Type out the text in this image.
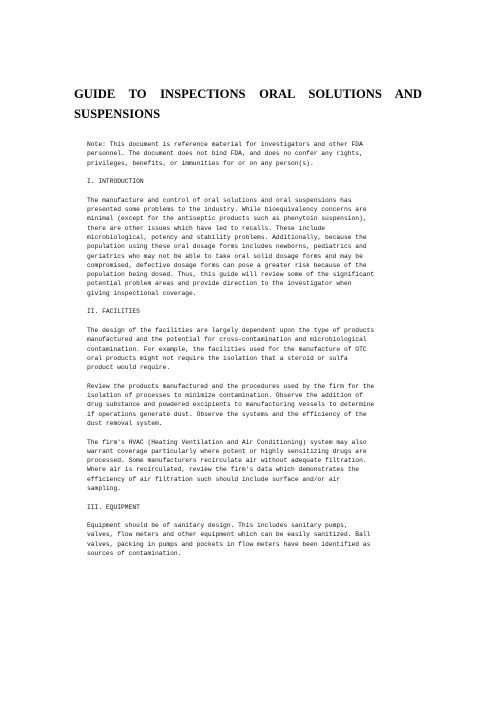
GUIDE TO INSPECTIONS ORAL SOLUTIONS AND
SUSPENSIONS
Note: This document is reference material for investigators and other FDA
personnel. The document does not bind FDA, and does no confer any rights,
privileges, benefits, or immunities for or on any person(s).
I. INTRODUCTION
The manufacture and control of oral solutions and oral suspensions has
presented some problems to the industry. While bioequivalency concerns are
minimal (except for the antiseptic products such as phenytoin suspension),
there are other issues which have led to recalls. These include
microbiological, potency and stability problems. Additionally, because the
population using these oral dosage forms includes newborns, pediatrics and
geriatrics who may not be able to take oral solid dosage forms and may be
compromised, defective dosage forms can pose a greater risk because of the
population being dosed. Thus, this guide will review some of the significant
potential problem areas and provide direction to the investigator when
giving inspectional coverage.
II. FACILITIES
The design of the facilities are largely dependent upon the type of products
manufactured and the potential for cross-contamination and microbiological
contamination. For example, the facilities used for the manufacture of OTC
oral products might not require the isolation that a steroid or sulfa
product would require.
Review the products manufactured and the procedures used by the firm for the
isolation of processes to minimize contamination. Observe the addition of
drug substance and powdered excipients to manufacturing vessels to determine
if operations generate dust. Observe the systems and the efficiency of the
dust removal system.
The firm's HVAC (Heating Ventilation and Air Conditioning) system may also
warrant coverage particularly where potent or highly sensitizing drugs are
processed. Some manufacturers recirculate air without adequate filtration.
Where air is recirculated, review the firm's data which demonstrates the
efficiency of air filtration such should include surface and/or air
sampling.
III. EQUIPMENT
Equipment should be of sanitary design. This includes sanitary pumps,
valves, flow meters and other equipment which can be easily sanitized. Ball
valves, packing in pumps and pockets in flow meters have been identified as
sources of contamination.
